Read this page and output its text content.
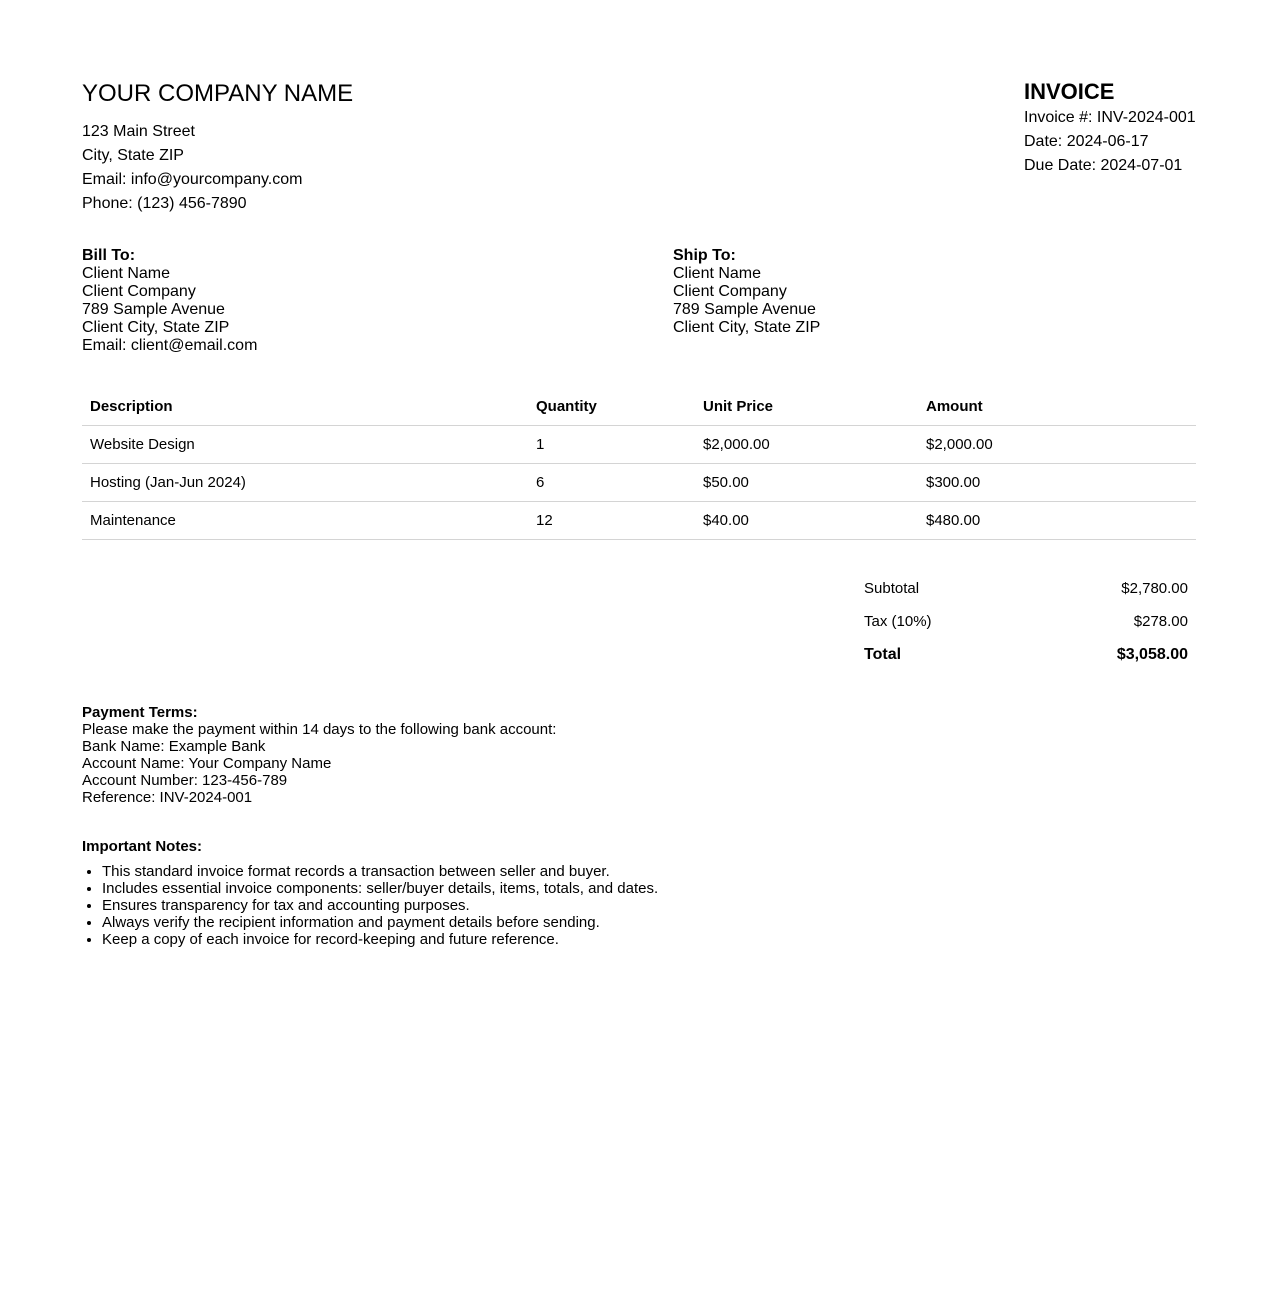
YOUR COMPANY NAME
123 Main Street
City, State ZIP
Email: info@yourcompany.com
Phone: (123) 456-7890
INVOICE
Invoice #: INV-2024-001
Date: 2024-06-17
Due Date: 2024-07-01
Bill To:
Client Name
Client Company
789 Sample Avenue
Client City, State ZIP
Email: client@email.com
Ship To:
Client Name
Client Company
789 Sample Avenue
Client City, State ZIP
Description	Quantity	Unit Price	Amount
Website Design	1	$2,000.00	$2,000.00
Hosting (Jan-Jun 2024)	6	$50.00	$300.00
Maintenance	12	$40.00	$480.00
Subtotal	$2,780.00
Tax (10%)	$278.00
Total	$3,058.00
Payment Terms:
Please make the payment within 14 days to the following bank account:
Bank Name: Example Bank
Account Name: Your Company Name
Account Number: 123-456-789
Reference: INV-2024-001
Important Notes:
• This standard invoice format records a transaction between seller and buyer.
• Includes essential invoice components: seller/buyer details, items, totals, and dates.
• Ensures transparency for tax and accounting purposes.
• Always verify the recipient information and payment details before sending.
• Keep a copy of each invoice for record-keeping and future reference.
